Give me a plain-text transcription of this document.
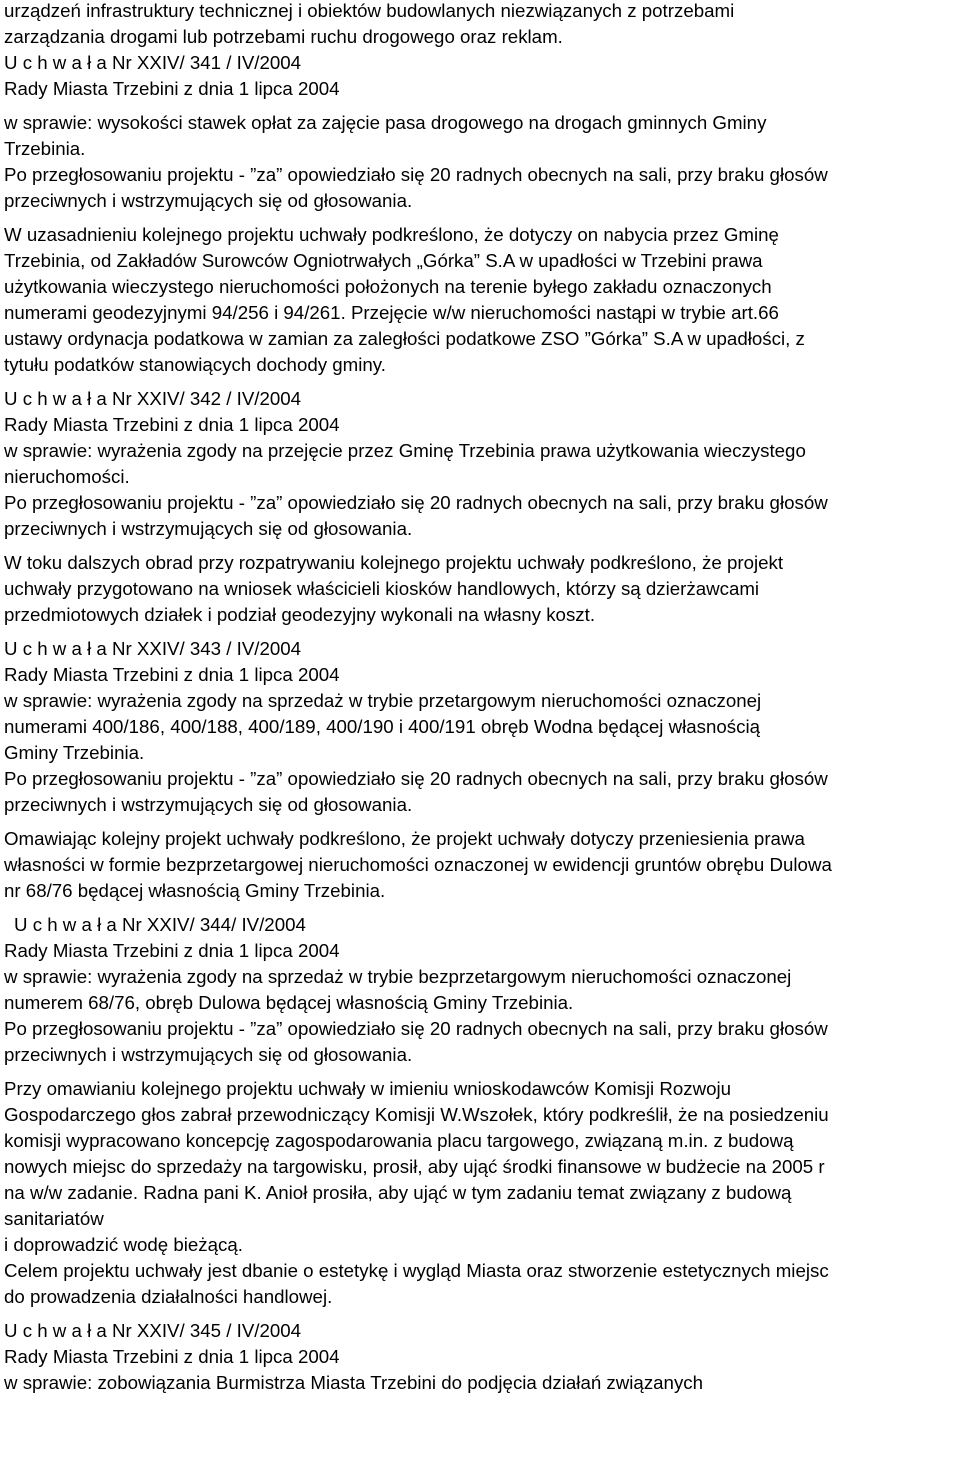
urządzeń infrastruktury technicznej i obiektów budowlanych niezwiązanych z potrzebami
zarządzania drogami lub potrzebami ruchu drogowego oraz reklam.
U c h w a ł a Nr XXIV/ 341 / IV/2004
Rady Miasta Trzebini z dnia 1 lipca 2004
w sprawie: wysokości stawek opłat za zajęcie pasa drogowego na drogach gminnych Gminy
Trzebinia.
Po przegłosowaniu projektu - ”za” opowiedziało się 20 radnych obecnych na sali, przy braku głosów
przeciwnych i wstrzymujących się od głosowania.
W uzasadnieniu kolejnego projektu uchwały podkreślono, że dotyczy on nabycia przez Gminę
Trzebinia, od Zakładów Surowców Ogniotrwałych „Górka” S.A w upadłości w Trzebini prawa
użytkowania wieczystego nieruchomości położonych na terenie byłego zakładu oznaczonych
numerami geodezyjnymi 94/256 i 94/261. Przejęcie w/w nieruchomości nastąpi w trybie art.66
ustawy ordynacja podatkowa w zamian za zaległości podatkowe ZSO ”Górka” S.A w upadłości, z
tytułu podatków stanowiących dochody gminy.
U c h w a ł a Nr XXIV/ 342 / IV/2004
Rady Miasta Trzebini z dnia 1 lipca 2004
w sprawie: wyrażenia zgody na przejęcie przez Gminę Trzebinia prawa użytkowania wieczystego
nieruchomości.
Po przegłosowaniu projektu - ”za” opowiedziało się 20 radnych obecnych na sali, przy braku głosów
przeciwnych i wstrzymujących się od głosowania.
W toku dalszych obrad przy rozpatrywaniu kolejnego projektu uchwały podkreślono, że projekt
uchwały przygotowano na wniosek właścicieli kiosków handlowych, którzy są dzierżawcami
przedmiotowych działek i podział geodezyjny wykonali na własny koszt.
U c h w a ł a Nr XXIV/ 343 / IV/2004
Rady Miasta Trzebini z dnia 1 lipca 2004
w sprawie: wyrażenia zgody na sprzedaż w trybie przetargowym nieruchomości oznaczonej
numerami 400/186, 400/188, 400/189, 400/190 i 400/191 obręb Wodna będącej własnością
Gminy Trzebinia.
Po przegłosowaniu projektu - ”za” opowiedziało się 20 radnych obecnych na sali, przy braku głosów
przeciwnych i wstrzymujących się od głosowania.
Omawiając kolejny projekt uchwały podkreślono, że projekt uchwały dotyczy przeniesienia prawa
własności w formie bezprzetargowej nieruchomości oznaczonej w ewidencji gruntów obrębu Dulowa
nr 68/76 będącej własnością Gminy Trzebinia.
U c h w a ł a Nr XXIV/ 344/ IV/2004
Rady Miasta Trzebini z dnia 1 lipca 2004
w sprawie: wyrażenia zgody na sprzedaż w trybie bezprzetargowym nieruchomości oznaczonej
numerem 68/76, obręb Dulowa będącej własnością Gminy Trzebinia.
Po przegłosowaniu projektu - ”za” opowiedziało się 20 radnych obecnych na sali, przy braku głosów
przeciwnych i wstrzymujących się od głosowania.
Przy omawianiu kolejnego projektu uchwały w imieniu wnioskodawców Komisji Rozwoju
Gospodarczego głos zabrał przewodniczący Komisji W.Wszołek, który podkreślił, że na posiedzeniu
komisji wypracowano koncepcję zagospodarowania placu targowego, związaną m.in. z budową
nowych miejsc do sprzedaży na targowisku, prosił, aby ująć środki finansowe w budżecie na 2005 r
na w/w zadanie. Radna pani K. Anioł prosiła, aby ująć w tym zadaniu temat związany z budową
sanitariatów
i doprowadzić wodę bieżącą.
Celem projektu uchwały jest dbanie o estetykę i wygląd Miasta oraz stworzenie estetycznych miejsc
do prowadzenia działalności handlowej.
U c h w a ł a Nr XXIV/ 345 / IV/2004
Rady Miasta Trzebini z dnia 1 lipca 2004
w sprawie: zobowiązania Burmistrza Miasta Trzebini do podjęcia działań związanych
